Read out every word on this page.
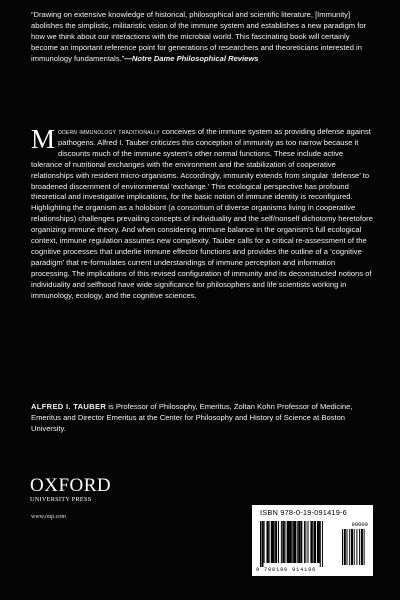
“Drawing on extensive knowledge of historical, philosophical and scientific literature, [Immunity] abolishes the simplistic, militaristic vision of the immune system and establishes a new paradigm for how we think about our interactions with the microbial world. This fascinating book will certainly become an important reference point for generations of researchers and theoreticians interested in immunology fundamentals.”—Notre Dame Philosophical Reviews
Modern immunology traditionally conceives of the immune system as providing defense against pathogens. Alfred I. Tauber criticizes this conception of immunity as too narrow because it discounts much of the immune system’s other normal functions. These include active tolerance of nutritional exchanges with the environment and the stabilization of cooperative relationships with resident micro-organisms. Accordingly, immunity extends from singular ‘defense’ to broadened discernment of environmental ‘exchange.’ This ecological perspective has profound theoretical and investigative implications, for the basic notion of immune identity is reconfigured. Highlighting the organism as a holobiont (a consortium of diverse organisms living in cooperative relationships) challenges prevailing concepts of individuality and the self/nonself dichotomy heretofore organizing immune theory. And when considering immune balance in the organism’s full ecological context, immune regulation assumes new complexity. Tauber calls for a critical re-assessment of the cognitive processes that underlie immune effector functions and provides the outline of a ‘cognitive paradigm’ that re-formulates current understandings of immune perception and information processing. The implications of this revised configuration of immunity and its deconstructed notions of individuality and selfhood have wide significance for philosophers and life scientists working in immunology, ecology, and the cognitive sciences.
ALFRED I. TAUBER is Professor of Philosophy, Emeritus, Zoltan Kohn Professor of Medicine, Emeritus and Director Emeritus at the Center for Philosophy and History of Science at Boston University.
OXFORD
UNIVERSITY PRESS
www.oup.com	ISBN 978-0-19-091419-6
90000
9 780190 914196
